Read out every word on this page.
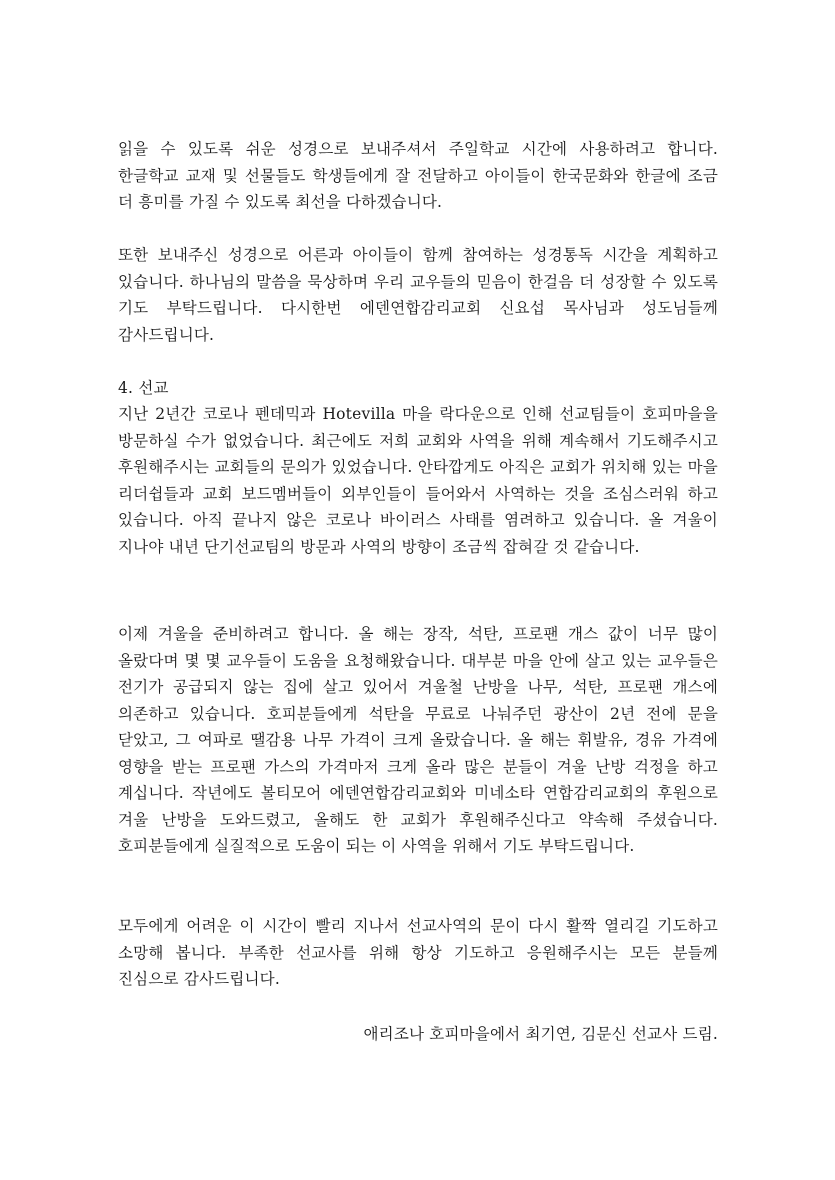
읽을 수 있도록 쉬운 성경으로 보내주셔서 주일학교 시간에 사용하려고 합니다. 한글학교 교재 및 선물들도 학생들에게 잘 전달하고 아이들이 한국문화와 한글에 조금 더 흥미를 가질 수 있도록 최선을 다하겠습니다.

또한 보내주신 성경으로 어른과 아이들이 함께 참여하는 성경통독 시간을 계획하고 있습니다. 하나님의 말씀을 묵상하며 우리 교우들의 믿음이 한걸음 더 성장할 수 있도록 기도 부탁드립니다. 다시한번 에덴연합감리교회 신요섭 목사님과 성도님들께 감사드립니다.

4. 선교

지난 2년간 코로나 펜데믹과 Hotevilla 마을 락다운으로 인해 선교팀들이 호피마을을 방문하실 수가 없었습니다. 최근에도 저희 교회와 사역을 위해 계속해서 기도해주시고 후원해주시는 교회들의 문의가 있었습니다. 안타깝게도 아직은 교회가 위치해 있는 마을 리더쉽들과 교회 보드멤버들이 외부인들이 들어와서 사역하는 것을 조심스러워 하고 있습니다. 아직 끝나지 않은 코로나 바이러스 사태를 염려하고 있습니다. 올 겨울이 지나야 내년 단기선교팀의 방문과 사역의 방향이 조금씩 잡혀갈 것 같습니다.

이제 겨울을 준비하려고 합니다. 올 해는 장작, 석탄, 프로팬 개스 값이 너무 많이 올랐다며 몇 몇 교우들이 도움을 요청해왔습니다. 대부분 마을 안에 살고 있는 교우들은 전기가 공급되지 않는 집에 살고 있어서 겨울철 난방을 나무, 석탄, 프로팬 개스에 의존하고 있습니다. 호피분들에게 석탄을 무료로 나눠주던 광산이 2년 전에 문을 닫았고, 그 여파로 땔감용 나무 가격이 크게 올랐습니다. 올 해는 휘발유, 경유 가격에 영향을 받는 프로팬 가스의 가격마저 크게 올라 많은 분들이 겨울 난방 걱정을 하고 계십니다. 작년에도 볼티모어 에덴연합감리교회와 미네소타 연합감리교회의 후원으로 겨울 난방을 도와드렸고, 올해도 한 교회가 후원해주신다고 약속해 주셨습니다. 호피분들에게 실질적으로 도움이 되는 이 사역을 위해서 기도 부탁드립니다.

모두에게 어려운 이 시간이 빨리 지나서 선교사역의 문이 다시 활짝 열리길 기도하고 소망해 봅니다. 부족한 선교사를 위해 항상 기도하고 응원해주시는 모든 분들께 진심으로 감사드립니다.

애리조나 호피마을에서 최기연, 김문신 선교사 드림.
